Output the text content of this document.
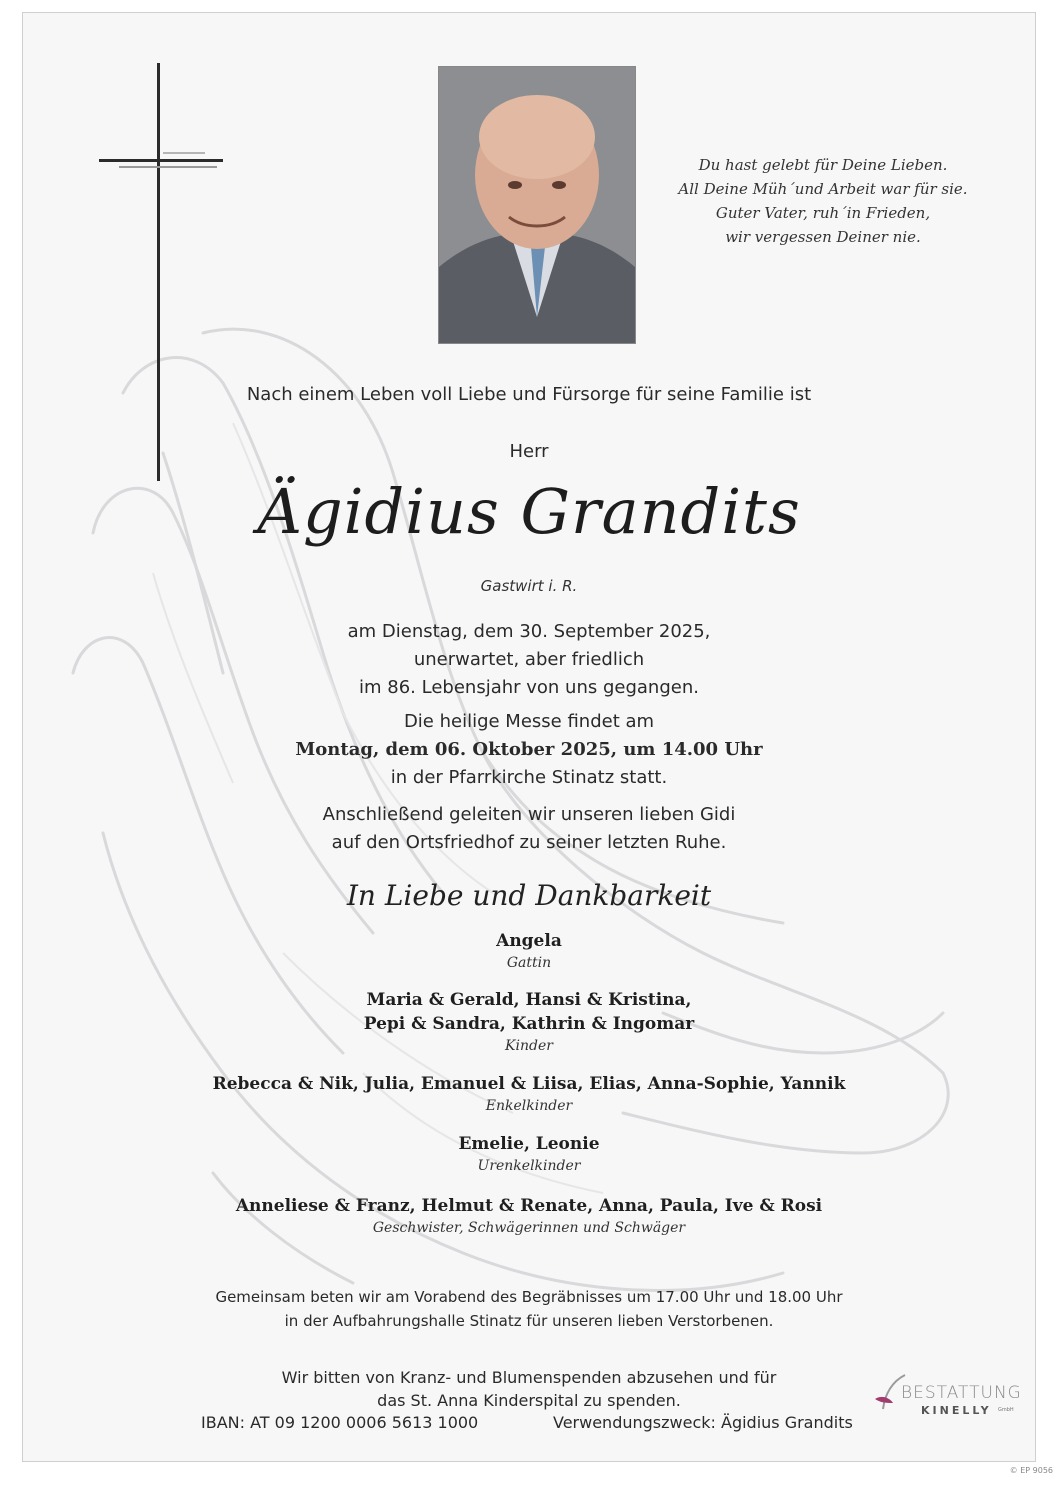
Du hast gelebt für Deine Lieben.
All Deine Müh´und Arbeit war für sie.
Guter Vater, ruh´in Frieden,
wir vergessen Deiner nie.
Nach einem Leben voll Liebe und Fürsorge für seine Familie ist
Herr
Ägidius Grandits
Gastwirt i. R.
am Dienstag, dem 30. September 2025,
unerwartet, aber friedlich
im 86. Lebensjahr von uns gegangen.
Die heilige Messe findet am
Montag, dem 06. Oktober 2025, um 14.00 Uhr
in der Pfarrkirche Stinatz statt.
Anschließend geleiten wir unseren lieben Gidi
auf den Ortsfriedhof zu seiner letzten Ruhe.
In Liebe und Dankbarkeit
Angela
Gattin
Maria & Gerald, Hansi & Kristina,
Pepi & Sandra, Kathrin & Ingomar
Kinder
Rebecca & Nik, Julia, Emanuel & Liisa, Elias, Anna-Sophie, Yannik
Enkelkinder
Emelie, Leonie
Urenkelkinder
Anneliese & Franz, Helmut & Renate, Anna, Paula, Ive & Rosi
Geschwister, Schwägerinnen und Schwäger
Gemeinsam beten wir am Vorabend des Begräbnisses um 17.00 Uhr und 18.00 Uhr
in der Aufbahrungshalle Stinatz für unseren lieben Verstorbenen.
Wir bitten von Kranz- und Blumenspenden abzusehen und für
das St. Anna Kinderspital zu spenden.
IBAN: AT 09 1200 0006 5613 1000	Verwendungszweck: Ägidius Grandits
BESTATTUNG
KINELLY GmbH
© EP 9056
